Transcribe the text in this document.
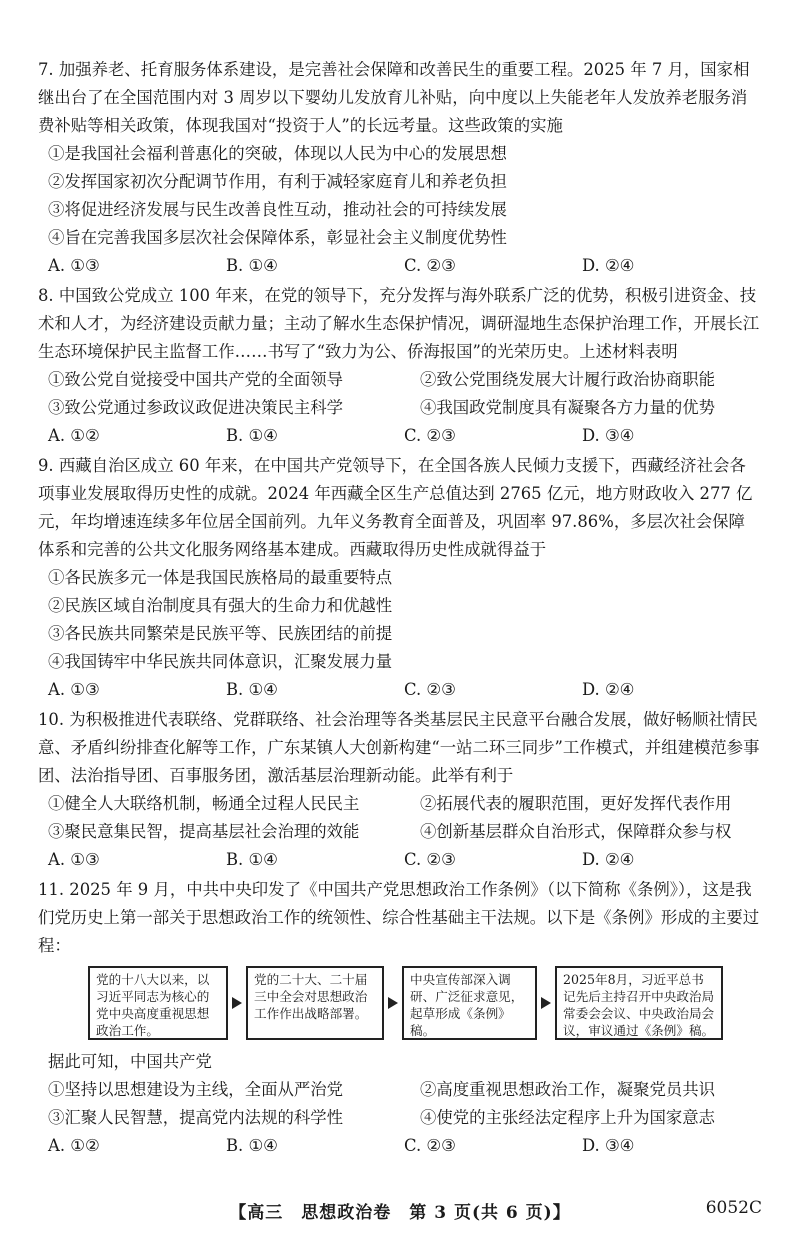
7. 加强养老、托育服务体系建设，是完善社会保障和改善民生的重要工程。2025 年 7 月，国家相继出台了在全国范围内对 3 周岁以下婴幼儿发放育儿补贴，向中度以上失能老年人发放养老服务消费补贴等相关政策，体现我国对“投资于人”的长远考量。这些政策的实施

①是我国社会福利普惠化的突破，体现以人民为中心的发展思想

②发挥国家初次分配调节作用，有利于减轻家庭育儿和养老负担

③将促进经济发展与民生改善良性互动，推动社会的可持续发展

④旨在完善我国多层次社会保障体系，彰显社会主义制度优势性

A. ①③	B. ①④	C. ②③	D. ②④

8. 中国致公党成立 100 年来，在党的领导下，充分发挥与海外联系广泛的优势，积极引进资金、技术和人才，为经济建设贡献力量；主动了解水生态保护情况，调研湿地生态保护治理工作，开展长江生态环境保护民主监督工作……书写了“致力为公、侨海报国”的光荣历史。上述材料表明

①致公党自觉接受中国共产党的全面领导	②致公党围绕发展大计履行政治协商职能
③致公党通过参政议政促进决策民主科学	④我国政党制度具有凝聚各方力量的优势
A. ①②	B. ①④	C. ②③	D. ③④

9. 西藏自治区成立 60 年来，在中国共产党领导下，在全国各族人民倾力支援下，西藏经济社会各项事业发展取得历史性的成就。2024 年西藏全区生产总值达到 2765 亿元，地方财政收入 277 亿元，年均增速连续多年位居全国前列。九年义务教育全面普及，巩固率 97.86%，多层次社会保障体系和完善的公共文化服务网络基本建成。西藏取得历史性成就得益于

①各民族多元一体是我国民族格局的最重要特点

②民族区域自治制度具有强大的生命力和优越性

③各民族共同繁荣是民族平等、民族团结的前提

④我国铸牢中华民族共同体意识，汇聚发展力量

A. ①③	B. ①④	C. ②③	D. ②④

10. 为积极推进代表联络、党群联络、社会治理等各类基层民主民意平台融合发展，做好畅顺社情民意、矛盾纠纷排查化解等工作，广东某镇人大创新构建“一站二环三同步”工作模式，并组建模范参事团、法治指导团、百事服务团，激活基层治理新动能。此举有利于

①健全人大联络机制，畅通全过程人民民主	②拓展代表的履职范围，更好发挥代表作用
③聚民意集民智，提高基层社会治理的效能	④创新基层群众自治形式，保障群众参与权
A. ①③	B. ①④	C. ②③	D. ②④

11. 2025 年 9 月，中共中央印发了《中国共产党思想政治工作条例》（以下简称《条例》），这是我们党历史上第一部关于思想政治工作的统领性、综合性基础主干法规。以下是《条例》形成的主要过程：

党的十八大以来，以习近平同志为核心的党中央高度重视思想政治工作。
党的二十大、二十届三中全会对思想政治工作作出战略部署。
中央宣传部深入调研、广泛征求意见，起草形成《条例》稿。
2025年8月，习近平总书记先后主持召开中央政治局常委会会议、中央政治局会议，审议通过《条例》稿。

据此可知，中国共产党

①坚持以思想建设为主线，全面从严治党	②高度重视思想政治工作，凝聚党员共识
③汇聚人民智慧，提高党内法规的科学性	④使党的主张经法定程序上升为国家意志
A. ①②	B. ①④	C. ②③	D. ③④
【高三　思想政治卷　第 3 页(共 6 页)】	6052C
